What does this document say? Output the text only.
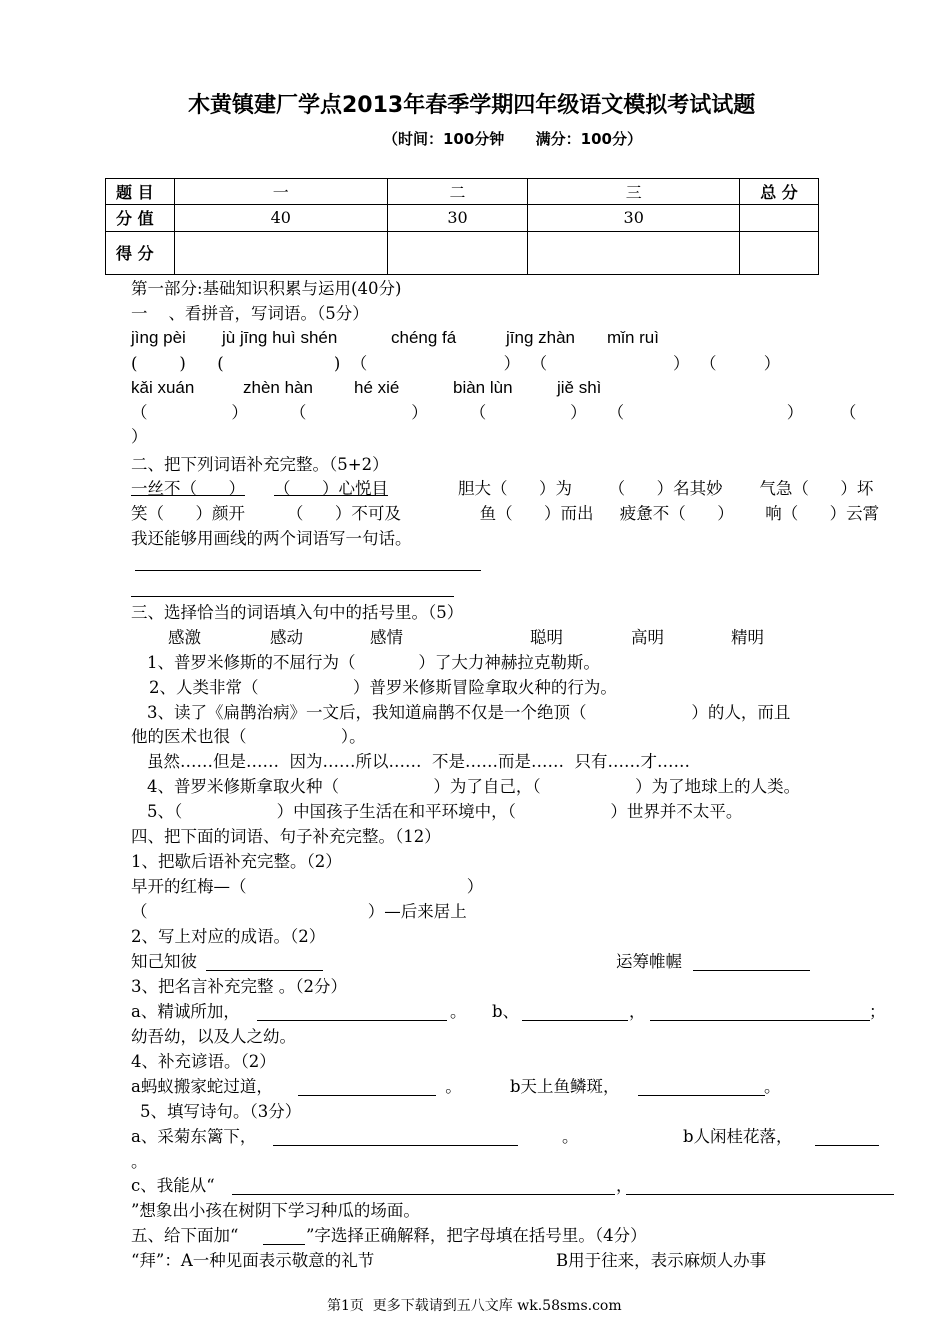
木黄镇建厂学点2013年春季学期四年级语文模拟考试试题
（时间：100分钟      满分：100分）
题 目	一	二	三	总 分
分 值	40	30	30	
得 分				
第一部分:基础知识积累与运用(40分)
一    、看拼音，写词语。（5分）
jìng pèi jù jīng huì shén	chéng fá	jīng zhàn mǐn ruì
(        )      (                     )  （                          ）  （                        ）  （         ）
kǎi xuán	zhèn hàn hé xié	biàn lùn	jiě shì
（                ）        （                    ）        （                ）    （                               ）       （
）
二、把下列词语补充完整。（5+2）
一丝不（      ） （      ）心悦目	胆大（      ）为       （      ）名其妙       气急（      ）坏
笑（      ）颜开        （      ）不可及               鱼（      ）而出     疲惫不（      ）      响（      ）云霄
我还能够用画线的两个词语写一句话。
三、选择恰当的词语填入句中的括号里。（5）
感激	感动	感情	聪明	高明	精明
1、普罗米修斯的不屈行为（            ）了大力神赫拉克勒斯。
2、人类非常（                  ）普罗米修斯冒险拿取火种的行为。
3、读了《扁鹊治病》一文后，我知道扁鹊不仅是一个绝顶（                    ）的人，而且
他的医术也很（                  ）。
虽然……但是……  因为……所以……  不是……而是……  只有……才……
4、普罗米修斯拿取火种（                  ）为了自己，（                  ）为了地球上的人类。
5、（                  ）中国孩子生活在和平环境中，（                  ）世界并不太平。
四、把下面的词语、句子补充完整。（12）
1、把歇后语补充完整。（2）
早开的红梅—（                                          ）
（                                          ）—后来居上
2、写上对应的成语。（2）
知己知彼	运筹帷幄
3、把名言补充完整 。（2分）
a、精诚所加，	。 b、	，	；
幼吾幼，以及人之幼。
4、补充谚语。（2）
a蚂蚁搬家蛇过道，	。	b天上鱼鳞斑，	。
5、填写诗句。（3分）
a、采菊东篱下，	。	b人闲桂花落，
。
c、我能从“	，
”想象出小孩在树阴下学习种瓜的场面。
五、给下面加“	”字选择正确解释，把字母填在括号里。（4分）
“拜”：A一种见面表示敬意的礼节	B用于往来，表示麻烦人办事
第1页  更多下载请到五八文库 wk.58sms.com
